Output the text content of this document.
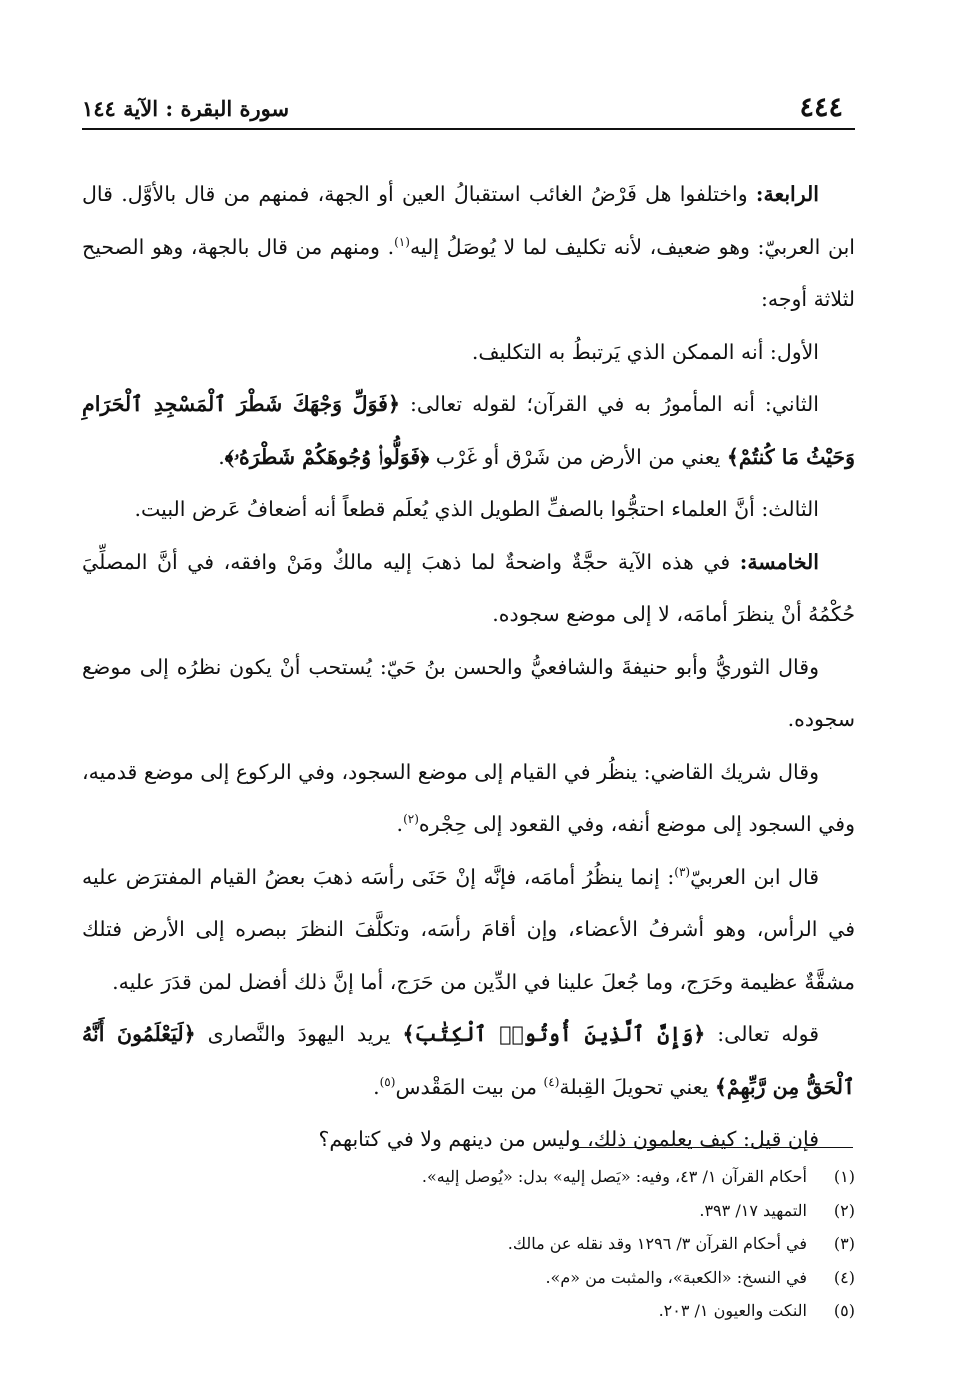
٤٤٤
سورة البقرة : الآية ١٤٤

الرابعة: واختلفوا هل فَرْضُ الغائب استقبالُ العين أو الجهة، فمنهم من قال بالأوَّل. قال ابن العربيّ: وهو ضعيف، لأنه تكليف لما لا يُوصَلُ إليه$^{(١)}$. ومنهم من قال بالجهة، وهو الصحيح لثلاثة أوجه:

الأول: أنه الممكن الذي يَرتبطُ به التكليف.

الثاني: أنه المأمورُ به في القرآن؛ لقوله تعالى: ﴿فَوَلِّ وَجْهَكَ شَطْرَ ٱلْمَسْجِدِ ٱلْحَرَامِ وَحَيْثُ مَا كُنتُمْ﴾ يعني من الأرض من شَرْق أو غَرْب ﴿فَوَلُّوا۟ وُجُوهَكُمْ شَطْرَهُۥ﴾.

الثالث: أنَّ العلماء احتجُّوا بالصفِّ الطويل الذي يُعلَم قطعاً أنه أضعافُ عَرض البيت.

الخامسة: في هذه الآية حجَّةٌ واضحةٌ لما ذهبَ إليه مالكٌ ومَنْ وافقه، في أنَّ المصلِّيَ حُكْمُهُ أنْ ينظرَ أمامَه، لا إلى موضع سجوده.

وقال الثوريُّ وأبو حنيفةَ والشافعيُّ والحسن بنُ حَيّ: يُستحب أنْ يكون نظرُه إلى موضع سجوده.

وقال شريك القاضي: ينظُر في القيام إلى موضع السجود، وفي الركوع إلى موضع قدميه، وفي السجود إلى موضع أنفه، وفي القعود إلى حِجْره$^{(٢)}$.

قال ابن العربيّ$^{(٣)}$: إنما ينظُرُ أمامَه، فإنَّه إنْ حَنَى رأسَه ذهبَ بعضُ القيام المفترَض عليه في الرأس، وهو أشرفُ الأعضاء، وإن أقامَ رأسَه، وتكلَّفَ النظرَ ببصره إلى الأرض فتلك مشقَّةٌ عظيمة وحَرَج، وما جُعلَ علينا في الدِّين من حَرَج، أما إنَّ ذلك أفضل لمن قدَرَ عليه.

قوله تعالى: ﴿وَإِنَّ ٱلَّذِينَ أُوتُوا۟ ٱلْكِتَٰبَ﴾ يريد اليهودَ والنَّصارى ﴿لَيَعْلَمُونَ أَنَّهُ ٱلْحَقُّ مِن رَّبِّهِمْ﴾ يعني تحويلَ القِبلة$^{(٤)}$ من بيت المَقْدس$^{(٥)}$.

فإن قيل: كيف يعلمون ذلك، وليس من دينهم ولا في كتابهم؟

(١)أحكام القرآن ١/ ٤٣، وفيه: «يَصل إليه» بدل: «يُوصل إليه».
(٢)التمهيد ١٧/ ٣٩٣.
(٣)في أحكام القرآن ٣/ ١٢٩٦ وقد نقله عن مالك.
(٤)في النسخ: «الكعبة»، والمثبت من «م».
(٥)النكت والعيون ١/ ٢٠٣.
